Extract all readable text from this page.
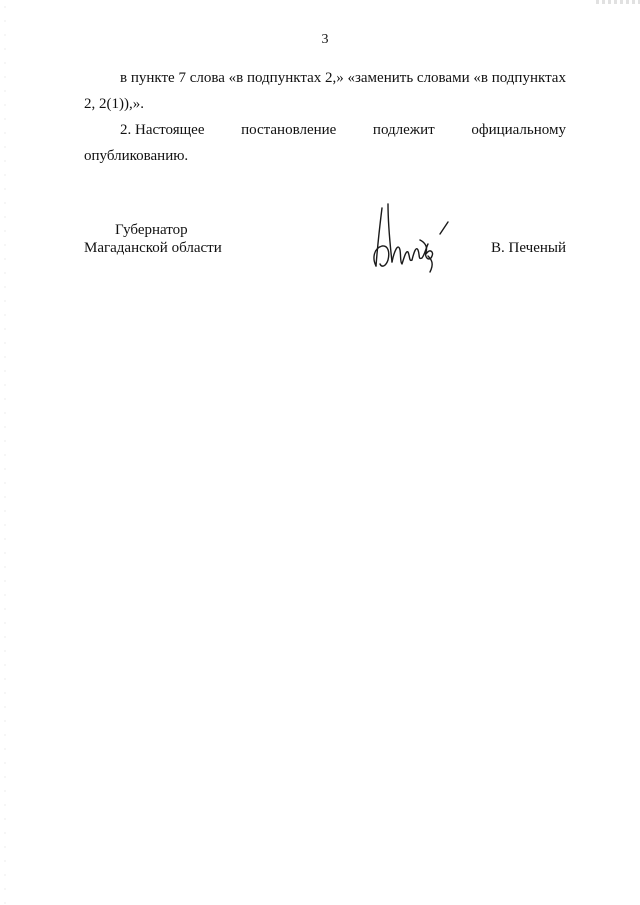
3
в пункте 7 слова «в подпунктах 2,» «заменить словами «в подпунктах
2, 2(1)),».
2. Настоящее постановление подлежит официальному
опубликованию.
Губернатор
Магаданской области	В. Печеный
